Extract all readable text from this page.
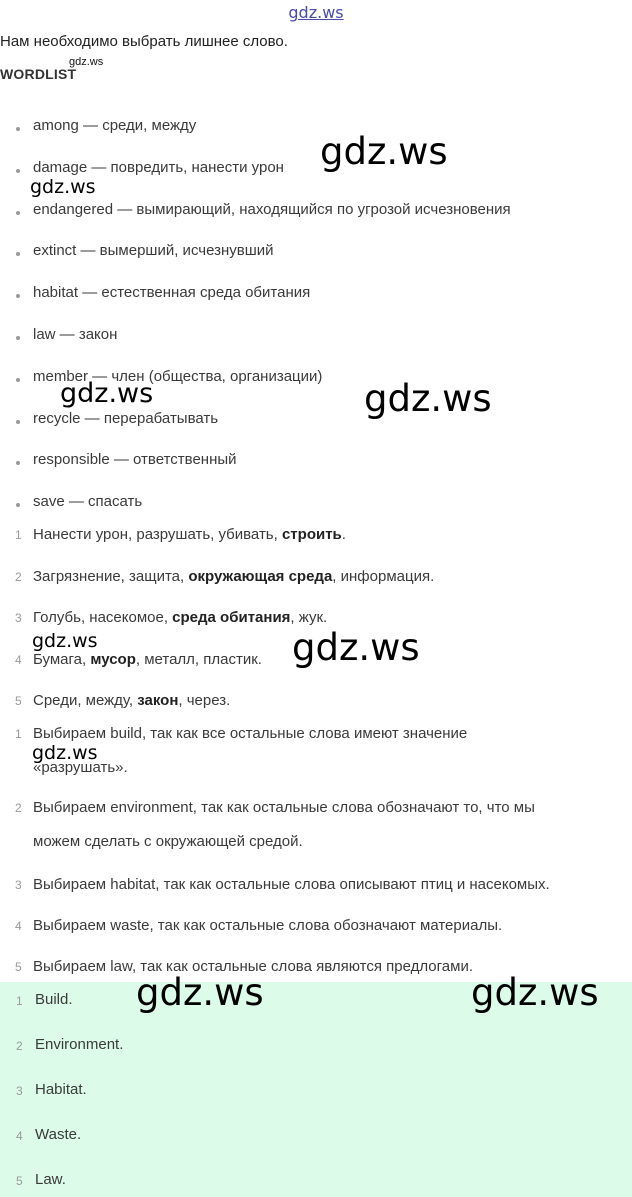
gdz.ws
Нам необходимо выбрать лишнее слово.
WORDLIST
gdz.ws
among — среди, между
damage — повредить, нанести урон
endangered — вымирающий, находящийся по угрозой исчезновения
extinct — вымерший, исчезнувший
habitat — естественная среда обитания
law — закон
member — член (общества, организации)
recycle — перерабатывать
responsible — ответственный
save — спасать
1 Нанести урон, разрушать, убивать, строить.
2 Загрязнение, защита, окружающая среда, информация.
3 Голубь, насекомое, среда обитания, жук.
4 Бумага, мусор, металл, пластик.
5 Среди, между, закон, через.
1 Выбираем build, так как все остальные слова имеют значение
«разрушать».
2 Выбираем environment, так как остальные слова обозначают то, что мы
можем сделать с окружающей средой.
3 Выбираем habitat, так как остальные слова описывают птиц и насекомых.
4 Выбираем waste, так как остальные слова обозначают материалы.
5 Выбираем law, так как остальные слова являются предлогами.
1 Build.
2 Environment.
3 Habitat.
4 Waste.
5 Law.
gdz.ws
gdz.ws
gdz.ws	gdz.ws
gdz.ws	gdz.ws
gdz.ws
gdz.ws	gdz.ws
